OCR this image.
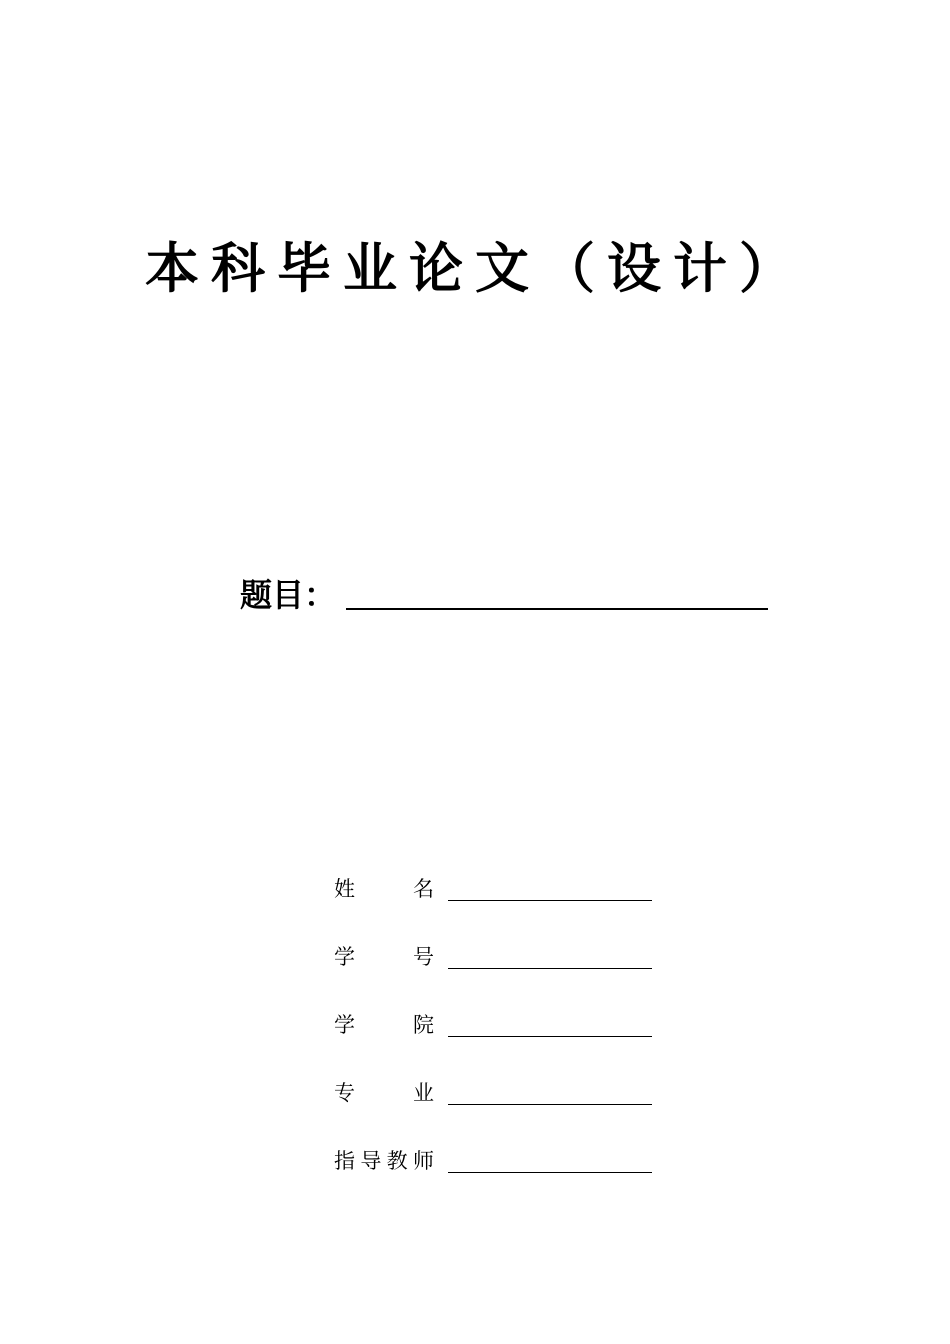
本科毕业论文（设计）
题目：
姓	名
学	号
学	院
专	业
指 导 教 师
